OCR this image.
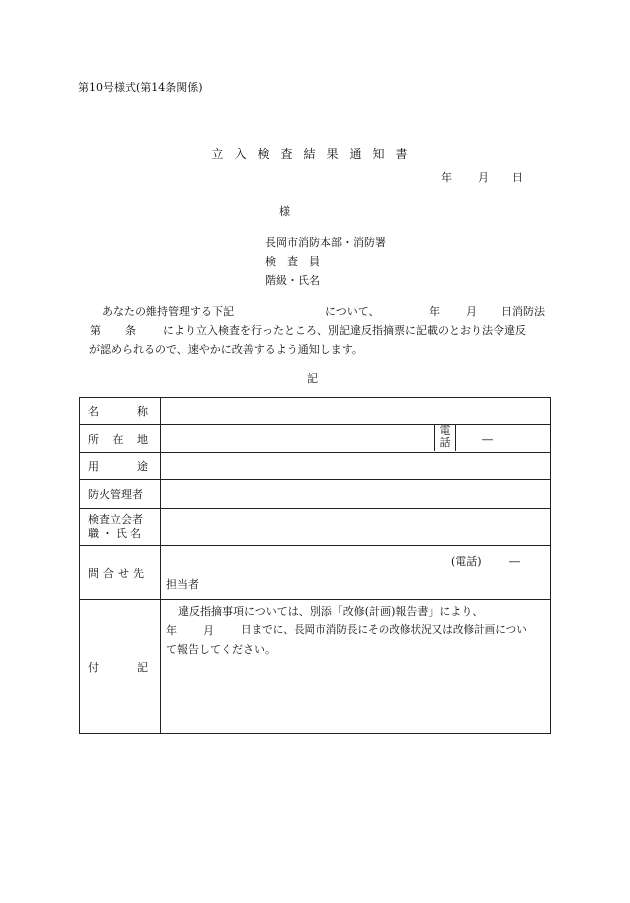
第10号様式(第14条関係)
立入検査結果通知書
年 月 日
様
長岡市消防本部・消防署
検　査　員
階級・氏名
あなたの維持管理する下記	について、	年 月 日消防法
第 条 により立入検査を行ったところ、別記違反指摘票に記載のとおり法令違反
が認められるので、速やかに改善するよう通知します。
記
名 称	

所 在 地	電話 ―

用 途	

防火管理者	

検査立会者
職・氏名	

問合せ先	(電話) ―
担当者

付 記	違反指摘事項については、別添「改修(計画)報告書」により、
年 月 日までに、長岡市消防長にその改修状況又は改修計画につい
て報告してください。
